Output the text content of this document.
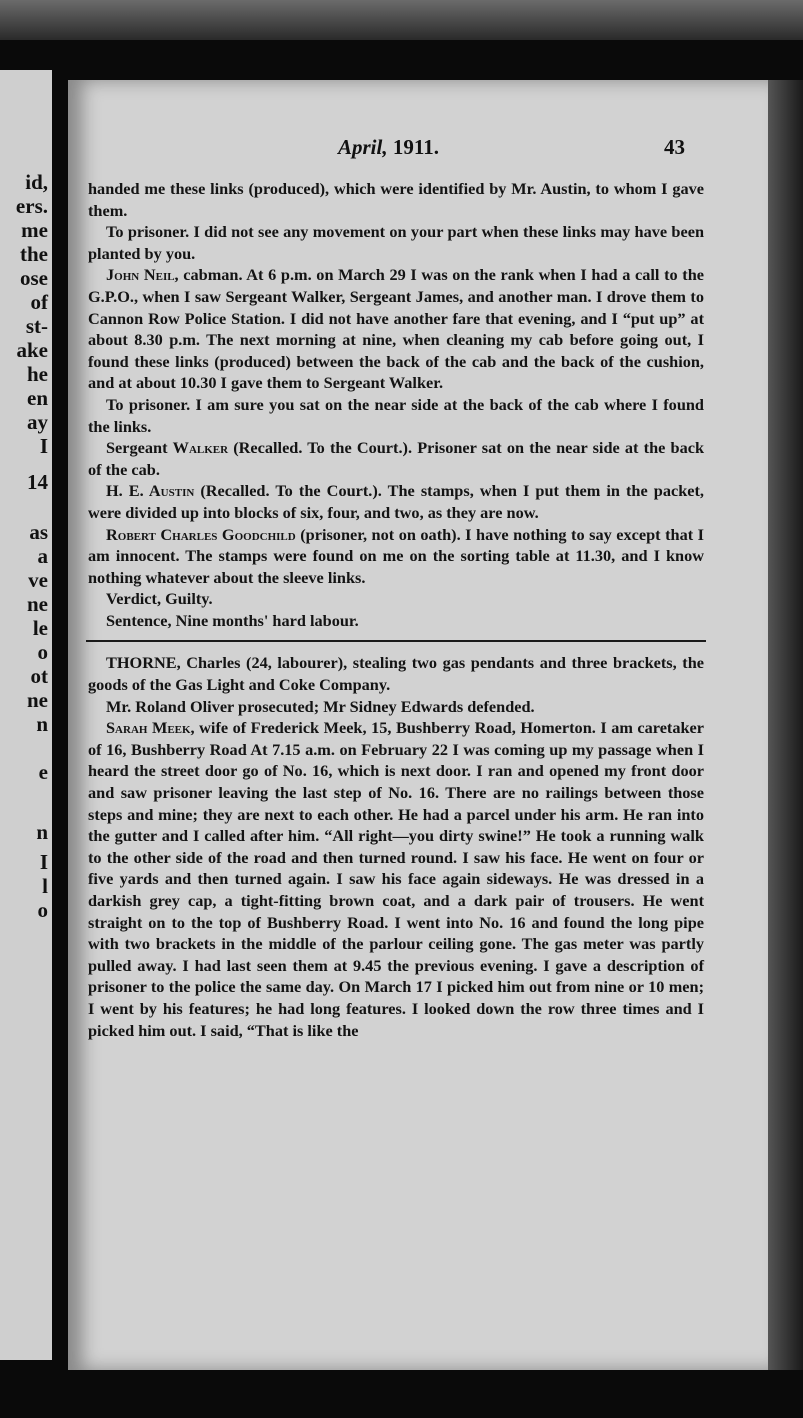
id,
ers.
me
the
ose
of
st-
ake
he
en
ay
I
14
as
a
ve
ne
le
o
ot
ne
n
e
n
I
l
o
April, 1911.	43

handed me these links (produced), which were identified by Mr. Austin, to whom I gave them.

To prisoner. I did not see any movement on your part when these links may have been planted by you.

John Neil, cabman. At 6 p.m. on March 29 I was on the rank when I had a call to the G.P.O., when I saw Sergeant Walker, Sergeant James, and another man. I drove them to Cannon Row Police Station. I did not have another fare that evening, and I “put up” at about 8.30 p.m. The next morning at nine, when cleaning my cab before going out, I found these links (produced) between the back of the cab and the back of the cushion, and at about 10.30 I gave them to Sergeant Walker.

To prisoner. I am sure you sat on the near side at the back of the cab where I found the links.

Sergeant Walker (Recalled. To the Court.). Prisoner sat on the near side at the back of the cab.

H. E. Austin (Recalled. To the Court.). The stamps, when I put them in the packet, were divided up into blocks of six, four, and two, as they are now.

Robert Charles Goodchild (prisoner, not on oath). I have nothing to say except that I am innocent. The stamps were found on me on the sorting table at 11.30, and I know nothing whatever about the sleeve links.

Verdict, Guilty.

Sentence, Nine months' hard labour.

THORNE, Charles (24, labourer), stealing two gas pendants and three brackets, the goods of the Gas Light and Coke Company.

Mr. Roland Oliver prosecuted; Mr Sidney Edwards defended.

Sarah Meek, wife of Frederick Meek, 15, Bushberry Road, Homerton. I am caretaker of 16, Bushberry Road At 7.15 a.m. on February 22 I was coming up my passage when I heard the street door go of No. 16, which is next door. I ran and opened my front door and saw prisoner leaving the last step of No. 16. There are no railings between those steps and mine; they are next to each other. He had a parcel under his arm. He ran into the gutter and I called after him. “All right—you dirty swine!” He took a running walk to the other side of the road and then turned round. I saw his face. He went on four or five yards and then turned again. I saw his face again sideways. He was dressed in a darkish grey cap, a tight-fitting brown coat, and a dark pair of trousers. He went straight on to the top of Bushberry Road. I went into No. 16 and found the long pipe with two brackets in the middle of the parlour ceiling gone. The gas meter was partly pulled away. I had last seen them at 9.45 the previous evening. I gave a description of prisoner to the police the same day. On March 17 I picked him out from nine or 10 men; I went by his features; he had long features. I looked down the row three times and I picked him out. I said, “That is like the
